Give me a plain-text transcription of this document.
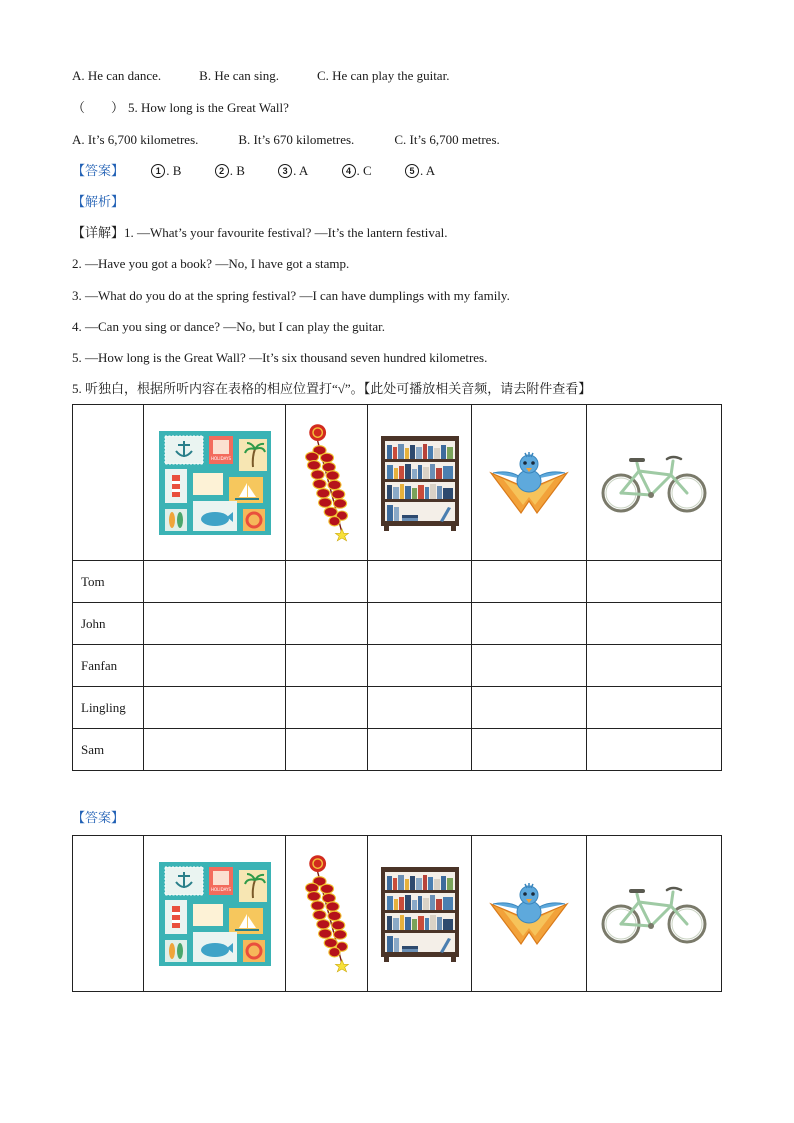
A. He can dance.	B. He can sing.	C. He can play the guitar.
（　　） 5. How long is the Great Wall?
A. It’s 6,700 kilometres.	B. It’s 670 kilometres.	C. It’s 6,700 metres.
【答案】	1 . B	2 . B	3 . A	4 . C	5 . A
【解析】
【详解】1. —What’s your favourite festival? —It’s the lantern festival.
2. —Have you got a book? —No, I have got a stamp.
3. —What do you do at the spring festival? —I can have dumplings with my family.
4. —Can you sing or dance? —No, but I can play the guitar.
5. —How long is the Great Wall? —It’s six thousand seven hundred kilometres.
5. 听独白，根据所听内容在表格的相应位置打“√”。【此处可播放相关音频，请去附件查看】

Tom					
John					
Fanfan					
Lingling					
Sam					
【答案】
